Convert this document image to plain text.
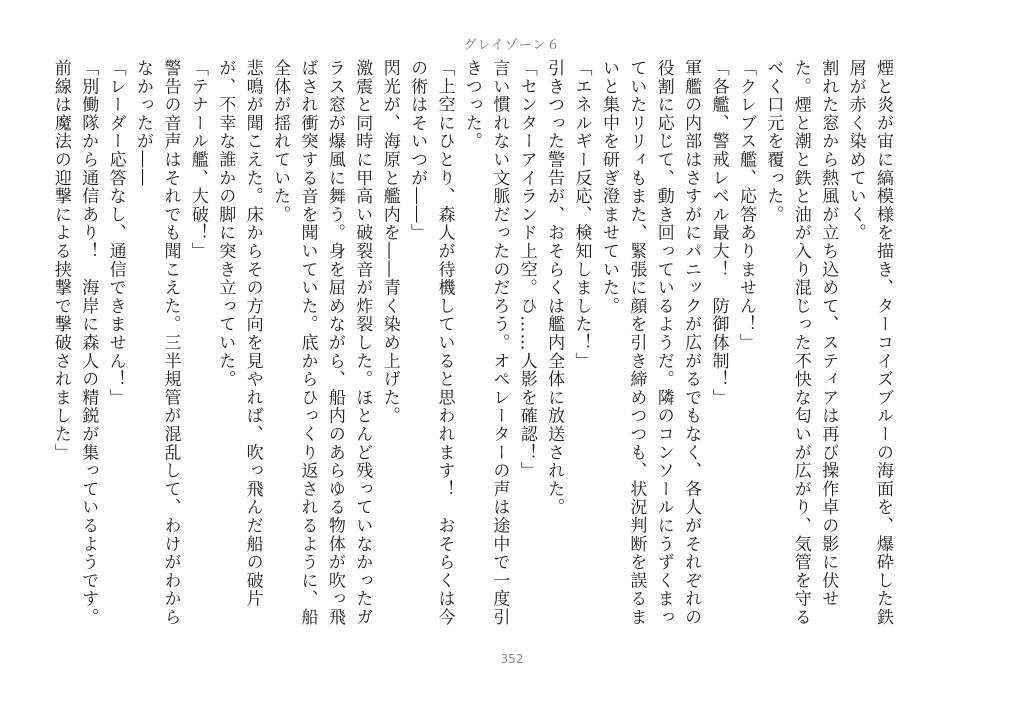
グレイゾーン６

煙と炎が宙に縞模様を描き、ターコイズブルーの海面を、爆砕した鉄屑が赤く染めていく。

割れた窓から熱風が立ち込めて、スティアは再び操作卓の影に伏せた。煙と潮と鉄と油が入り混じった不快な匂いが広がり、気管を守るべく口元を覆った。

「クレブス艦、応答ありません！」

「各艦、警戒レベル最大！　防御体制！」

軍艦の内部はさすがにパニックが広がるでもなく、各人がそれぞれの役割に応じて、動き回っているようだ。隣のコンソールにうずくまっていたリリィもまた、緊張に顔を引き締めつつも、状況判断を誤るまいと集中を研ぎ澄ませていた。

「エネルギー反応、検知しました！」

引きつった警告が、おそらくは艦内全体に放送された。

「センターアイランド上空。ひ……人影を確認！」

言い慣れない文脈だったのだろう。オペレーターの声は途中で一度引きつった。

「上空にひとり、森人が待機していると思われます！　おそらくは今の術はそいつが――」

閃光が、海原と艦内を――青く染め上げた。

激震と同時に甲高い破裂音が炸裂した。ほとんど残っていなかったガラス窓が爆風に舞う。身を屈めながら、船内のあらゆる物体が吹っ飛ばされ衝突する音を聞いていた。底からひっくり返されるように、船全体が揺れていた。

悲鳴が聞こえた。床からその方向を見やれば、吹っ飛んだ船の破片が、不幸な誰かの脚に突き立っていた。

「テナール艦、大破！」

警告の音声はそれでも聞こえた。三半規管が混乱して、わけがわからなかったが――

「レーダー応答なし、通信できません！」

「別働隊から通信あり！　海岸に森人の精鋭が集っているようです。前線は魔法の迎撃による挟撃で撃破されました」

352
